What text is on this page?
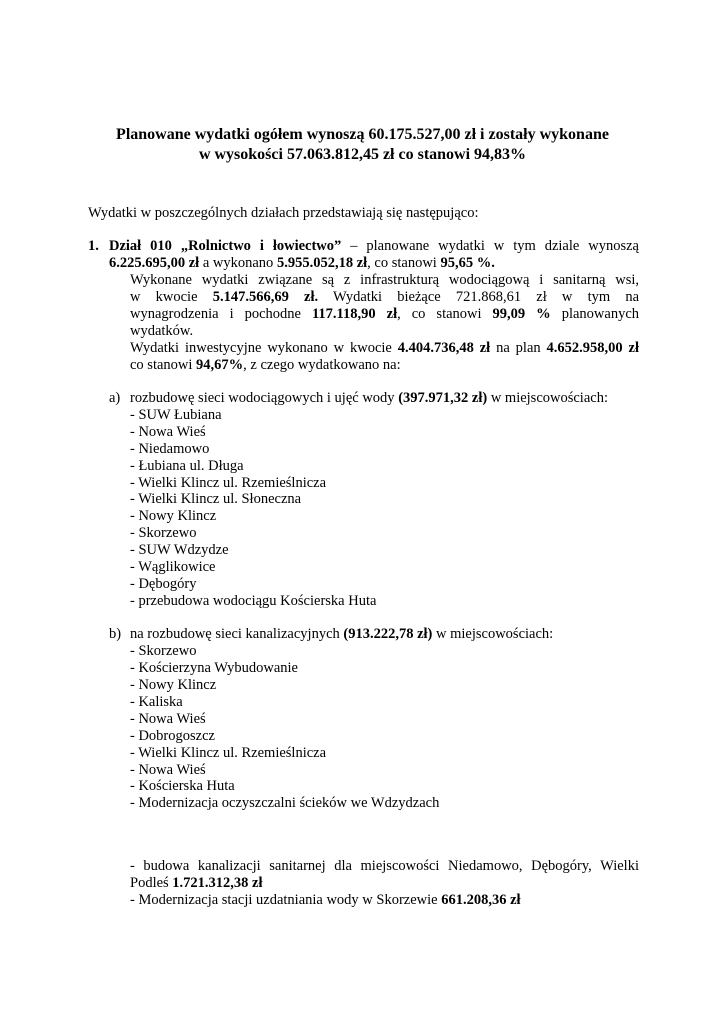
Planowane wydatki ogółem wynoszą 60.175.527,00 zł i zostały wykonane
w wysokości 57.063.812,45 zł co stanowi 94,83%
Wydatki w poszczególnych działach przedstawiają się następująco:
1. Dział 010 „Rolnictwo i łowiectwo” – planowane wydatki w tym dziale wynoszą
6.225.695,00 zł a wykonano 5.955.052,18 zł, co stanowi 95,65 %.
Wykonane wydatki związane są z infrastrukturą wodociągową i sanitarną wsi,
w kwocie 5.147.566,69 zł. Wydatki bieżące 721.868,61 zł w tym na
wynagrodzenia i pochodne 117.118,90 zł, co stanowi 99,09 % planowanych
wydatków.
Wydatki inwestycyjne wykonano w kwocie 4.404.736,48 zł na plan 4.652.958,00 zł
co stanowi 94,67%, z czego wydatkowano na:
a) rozbudowę sieci wodociągowych i ujęć wody (397.971,32 zł) w miejscowościach:
- SUW Łubiana
- Nowa Wieś
- Niedamowo
- Łubiana ul. Długa
- Wielki Klincz ul. Rzemieślnicza
- Wielki Klincz ul. Słoneczna
- Nowy Klincz
- Skorzewo
- SUW Wdzydze
- Wąglikowice
- Dębogóry
- przebudowa wodociągu Kościerska Huta
b) na rozbudowę sieci kanalizacyjnych (913.222,78 zł) w miejscowościach:
- Skorzewo
- Kościerzyna Wybudowanie
- Nowy Klincz
- Kaliska
- Nowa Wieś
- Dobrogoszcz
- Wielki Klincz ul. Rzemieślnicza
- Nowa Wieś
- Kościerska Huta
- Modernizacja oczyszczalni ścieków we Wdzydzach
- budowa kanalizacji sanitarnej dla miejscowości Niedamowo, Dębogóry, Wielki
Podleś 1.721.312,38 zł
- Modernizacja stacji uzdatniania wody w Skorzewie 661.208,36 zł
